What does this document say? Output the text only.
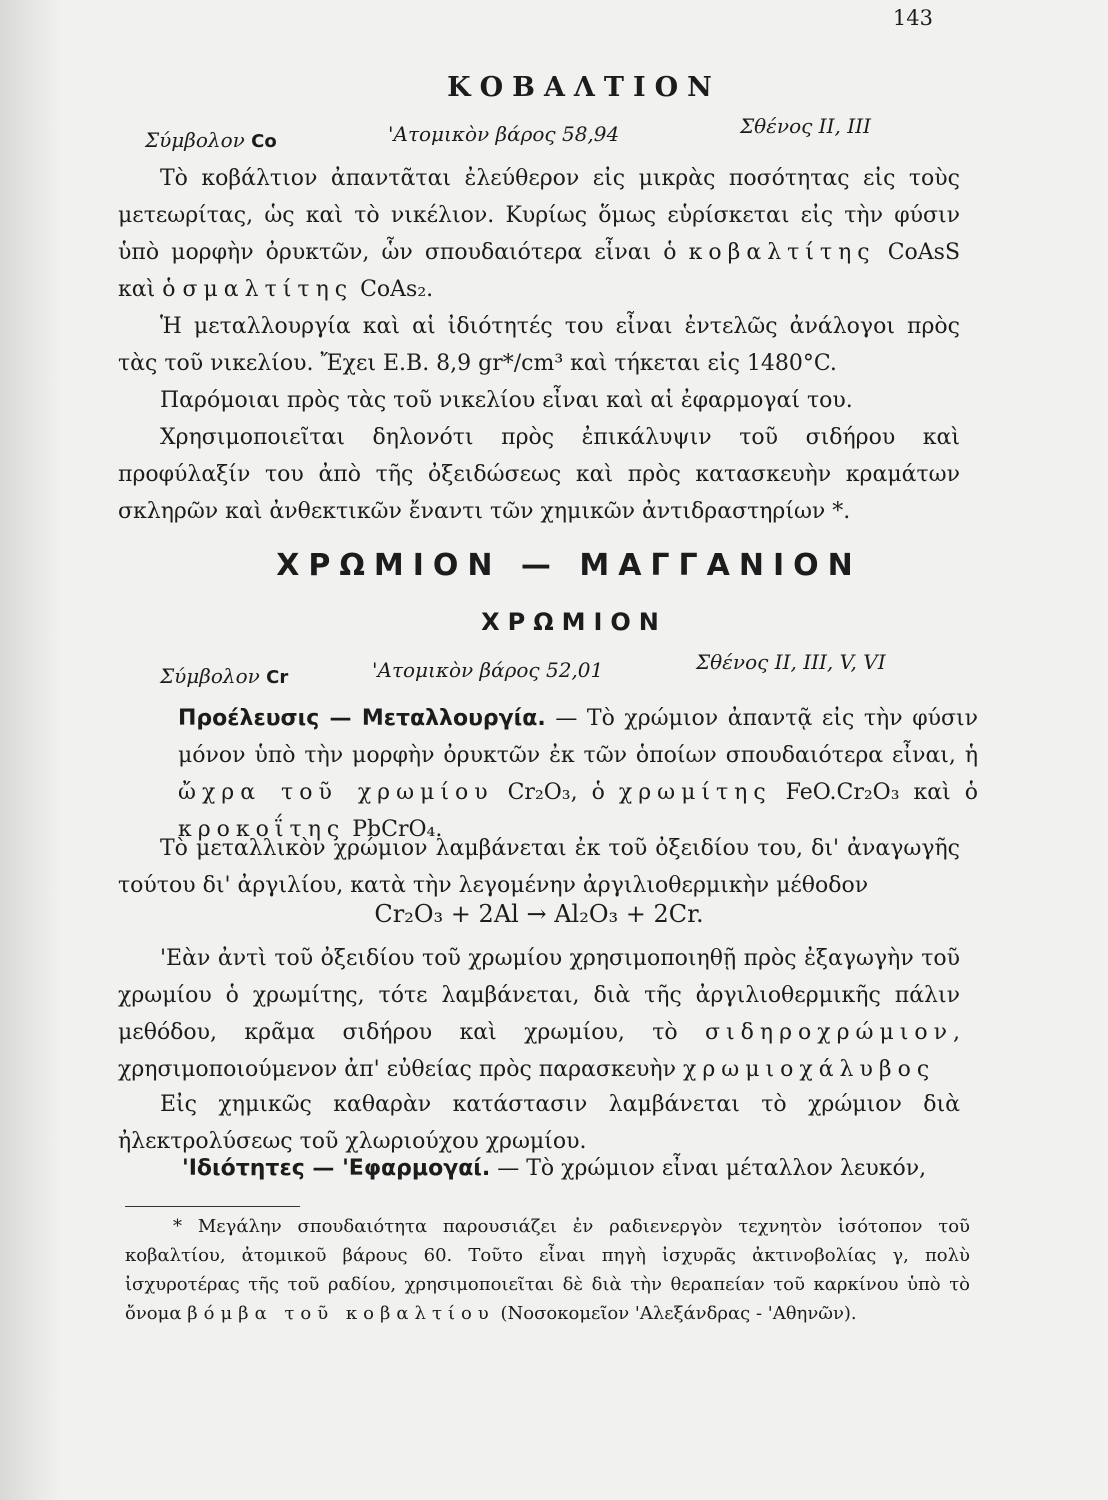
143
ΚΟΒΑΛΤΙΟΝ
Σύμβολον Co	'Ατομικὸν βάρος 58,94	Σθένος II, III
Τὸ κοβάλτιον ἀπαντᾶται ἐλεύθερον εἰς μικρὰς ποσότητας εἰς τοὺς μετεωρίτας, ὡς καὶ τὸ νικέλιον. Κυρίως ὅμως εὑρίσκεται εἰς τὴν φύσιν ὑπὸ μορφὴν ὀρυκτῶν, ὧν σπουδαιότερα εἶναι ὁ κοβαλτίτης CoAsS καὶ ὁ σμαλτίτης CoAs₂.
Ἡ μεταλλουργία καὶ αἱ ἰδιότητές του εἶναι ἐντελῶς ἀνάλογοι πρὸς τὰς τοῦ νικελίου. Ἔχει Ε.Β. 8,9 gr*/cm³ καὶ τήκεται εἰς 1480°C.
Παρόμοιαι πρὸς τὰς τοῦ νικελίου εἶναι καὶ αἱ ἐφαρμογαί του.
Χρησιμοποιεῖται δηλονότι πρὸς ἐπικάλυψιν τοῦ σιδήρου καὶ προφύλαξίν του ἀπὸ τῆς ὀξειδώσεως καὶ πρὸς κατασκευὴν κραμάτων σκληρῶν καὶ ἀνθεκτικῶν ἔναντι τῶν χημικῶν ἀντιδραστηρίων *.
ΧΡΩΜΙΟΝ — ΜΑΓΓΑΝΙΟΝ
ΧΡΩΜΙΟΝ
Σύμβολον Cr	'Ατομικὸν βάρος 52,01	Σθένος II, III, V, VI
Προέλευσις — Μεταλλουργία. — Τὸ χρώμιον ἀπαντᾷ εἰς τὴν φύσιν μόνον ὑπὸ τὴν μορφὴν ὀρυκτῶν ἐκ τῶν ὁποίων σπουδαιότερα εἶναι, ἡ ὤχρα τοῦ χρωμίου Cr₂O₃, ὁ χρωμίτης FeO.Cr₂O₃ καὶ ὁ κροκοΐτης PbCrO₄.
Τὸ μεταλλικὸν χρώμιον λαμβάνεται ἐκ τοῦ ὀξειδίου του, δι' ἀναγωγῆς τούτου δι' ἀργιλίου, κατὰ τὴν λεγομένην ἀργιλιοθερμικὴν μέθοδον
Cr₂O₃ + 2Al → Al₂O₃ + 2Cr.
'Εὰν ἀντὶ τοῦ ὀξειδίου τοῦ χρωμίου χρησιμοποιηθῇ πρὸς ἐξαγωγὴν τοῦ χρωμίου ὁ χρωμίτης, τότε λαμβάνεται, διὰ τῆς ἀργιλιοθερμικῆς πάλιν μεθόδου, κρᾶμα σιδήρου καὶ χρωμίου, τὸ σιδηροχρώμιον, χρησιμοποιούμενον ἀπ' εὐθείας πρὸς παρασκευὴν χρωμιοχάλυβος
Εἰς χημικῶς καθαρὰν κατάστασιν λαμβάνεται τὸ χρώμιον διὰ ἠλεκτρολύσεως τοῦ χλωριούχου χρωμίου.
'Ιδιότητες — 'Εφαρμογαί. — Τὸ χρώμιον εἶναι μέταλλον λευκόν,
* Μεγάλην σπουδαιότητα παρουσιάζει ἐν ραδιενεργὸν τεχνητὸν ἰσότοπον τοῦ κοβαλτίου, ἀτομικοῦ βάρους 60. Τοῦτο εἶναι πηγὴ ἰσχυρᾶς ἀκτινοβολίας γ, πολὺ ἰσχυροτέρας τῆς τοῦ ραδίου, χρησιμοποιεῖται δὲ διὰ τὴν θεραπείαν τοῦ καρκίνου ὑπὸ τὸ ὄνομα βόμβα τοῦ κοβαλτίου (Νοσοκομεῖον 'Αλεξάνδρας - 'Αθηνῶν).
